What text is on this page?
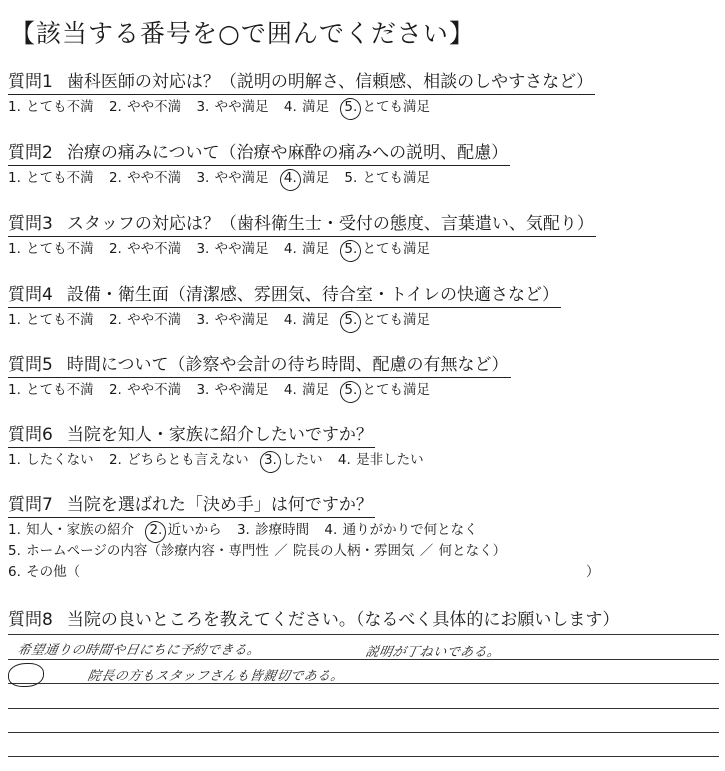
【該当する番号を○で囲んでください】
質問1 歯科医師の対応は？（説明の明解さ、信頼感、相談のしやすさなど）
1. とても不満 2. やや不満 3. やや満足 4. 満足 5. とても満足
質問2 治療の痛みについて（治療や麻酔の痛みへの説明、配慮）
1. とても不満 2. やや不満 3. やや満足 4. 満足 5. とても満足
質問3 スタッフの対応は？（歯科衛生士・受付の態度、言葉遣い、気配り）
1. とても不満 2. やや不満 3. やや満足 4. 満足 5. とても満足
質問4 設備・衛生面（清潔感、雰囲気、待合室・トイレの快適さなど）
1. とても不満 2. やや不満 3. やや満足 4. 満足 5. とても満足
質問5 時間について（診察や会計の待ち時間、配慮の有無など）
1. とても不満 2. やや不満 3. やや満足 4. 満足 5. とても満足
質問6 当院を知人・家族に紹介したいですか？
1. したくない 2. どちらとも言えない 3. したい 4. 是非したい
質問7 当院を選ばれた「決め手」は何ですか？
1. 知人・家族の紹介 2. 近いから 3. 診療時間 4. 通りがかりで何となく
5. ホームページの内容（診療内容・専門性 ／ 院長の人柄・雰囲気 ／ 何となく）
6. その他（	）
質問8 当院の良いところを教えてください。（なるべく具体的にお願いします）
希望通りの時間や日にちに予約できる。	説明が丁ねいである。
院長の方もスタッフさんも皆親切である。
